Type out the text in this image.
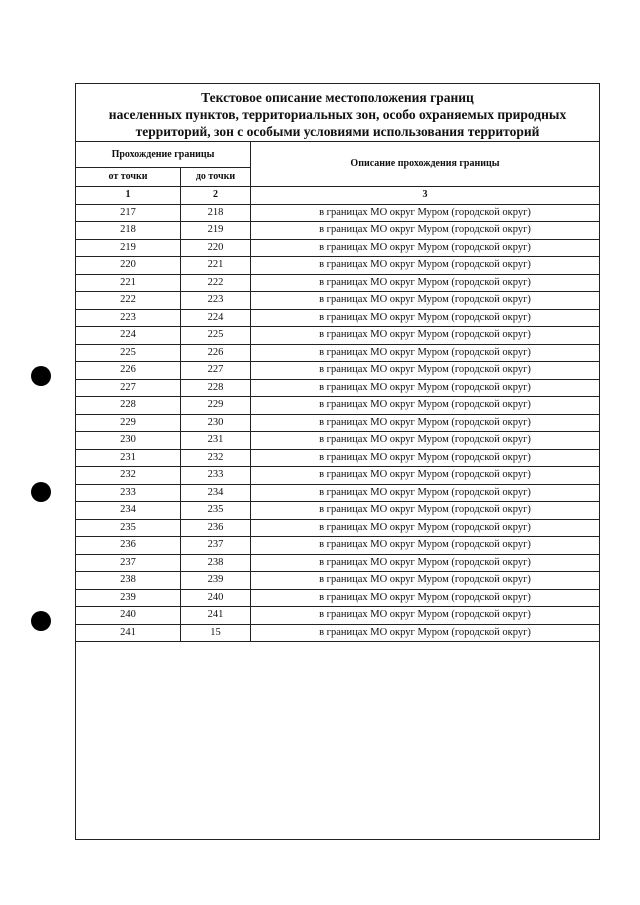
Текстовое описание местоположения границ
населенных пунктов, территориальных зон, особо охраняемых природных
территорий, зон с особыми условиями использования территорий
Прохождение границы		Описание прохождения границы
от точки	до точки	
1	2	3
217	218	в границах МО округ Муром (городской округ)
218	219	в границах МО округ Муром (городской округ)
219	220	в границах МО округ Муром (городской округ)
220	221	в границах МО округ Муром (городской округ)
221	222	в границах МО округ Муром (городской округ)
222	223	в границах МО округ Муром (городской округ)
223	224	в границах МО округ Муром (городской округ)
224	225	в границах МО округ Муром (городской округ)
225	226	в границах МО округ Муром (городской округ)
226	227	в границах МО округ Муром (городской округ)
227	228	в границах МО округ Муром (городской округ)
228	229	в границах МО округ Муром (городской округ)
229	230	в границах МО округ Муром (городской округ)
230	231	в границах МО округ Муром (городской округ)
231	232	в границах МО округ Муром (городской округ)
232	233	в границах МО округ Муром (городской округ)
233	234	в границах МО округ Муром (городской округ)
234	235	в границах МО округ Муром (городской округ)
235	236	в границах МО округ Муром (городской округ)
236	237	в границах МО округ Муром (городской округ)
237	238	в границах МО округ Муром (городской округ)
238	239	в границах МО округ Муром (городской округ)
239	240	в границах МО округ Муром (городской округ)
240	241	в границах МО округ Муром (городской округ)
241	15	в границах МО округ Муром (городской округ)
